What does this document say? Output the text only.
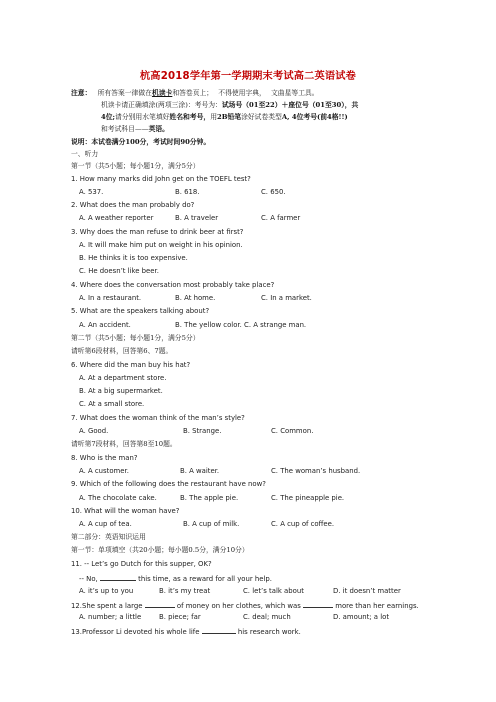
杭高2018学年第一学期期末考试高二英语试卷
注意： 所有答案一律做在机读卡和答卷页上； 不得使用字典， 文曲星等工具。
机读卡请正确填涂(两项三涂)：考号为：试场号（01至22）＋座位号（01至30），共
4位;请分别用水笔填好姓名和考号，用2B铅笔涂好试卷类型A, 4位考号(前4格!!)
和考试科目——英语。
说明：本试卷满分100分，考试时间90分钟。
一、听力
第一节（共5小题；每小题1分，满分5分）
1. How many marks did John get on the TOEFL test?
A. 537.	B. 618.	C. 650.
2. What does the man probably do?
A. A weather reporter	B. A traveler	C. A farmer
3. Why does the man refuse to drink beer at first?
A. It will make him put on weight in his opinion.
B. He thinks it is too expensive.
C. He doesn’t like beer.
4. Where does the conversation most probably take place?
A. In a restaurant.	B. At home.	C. In a market.
5. What are the speakers talking about?
A. An accident.	B. The yellow color. C. A strange man.
第二节（共5小题；每小题1分，满分5分）
请听第6段材料，回答第6、7题。
6. Where did the man buy his hat?
A. At a department store.
B. At a big supermarket.
C. At a small store.
7. What does the woman think of the man’s style?
A. Good.	B. Strange.	C. Common.
请听第7段材料，回答第8至10题。
8. Who is the man?
A. A customer.	B. A waiter.	C. The woman’s husband.
9. Which of the following does the restaurant have now?
A. The chocolate cake.	B. The apple pie.	C. The pineapple pie.
10. What will the woman have?
A. A cup of tea.	B. A cup of milk.	C. A cup of coffee.
第二部分：英语知识运用
第一节：单项填空（共20小题；每小题0.5分，满分10分）
11. -- Let’s go Dutch for this supper, OK?
-- No,	this time, as a reward for all your help.
A. it’s up to you	B. it’s my treat	C. let’s talk about	D. it doesn’t matter
12.She spent a large	of money on her clothes, which was	more than her earnings.
A. number; a little	B. piece; far	C. deal; much	D. amount; a lot
13.Professor Li devoted his whole life	his research work.
